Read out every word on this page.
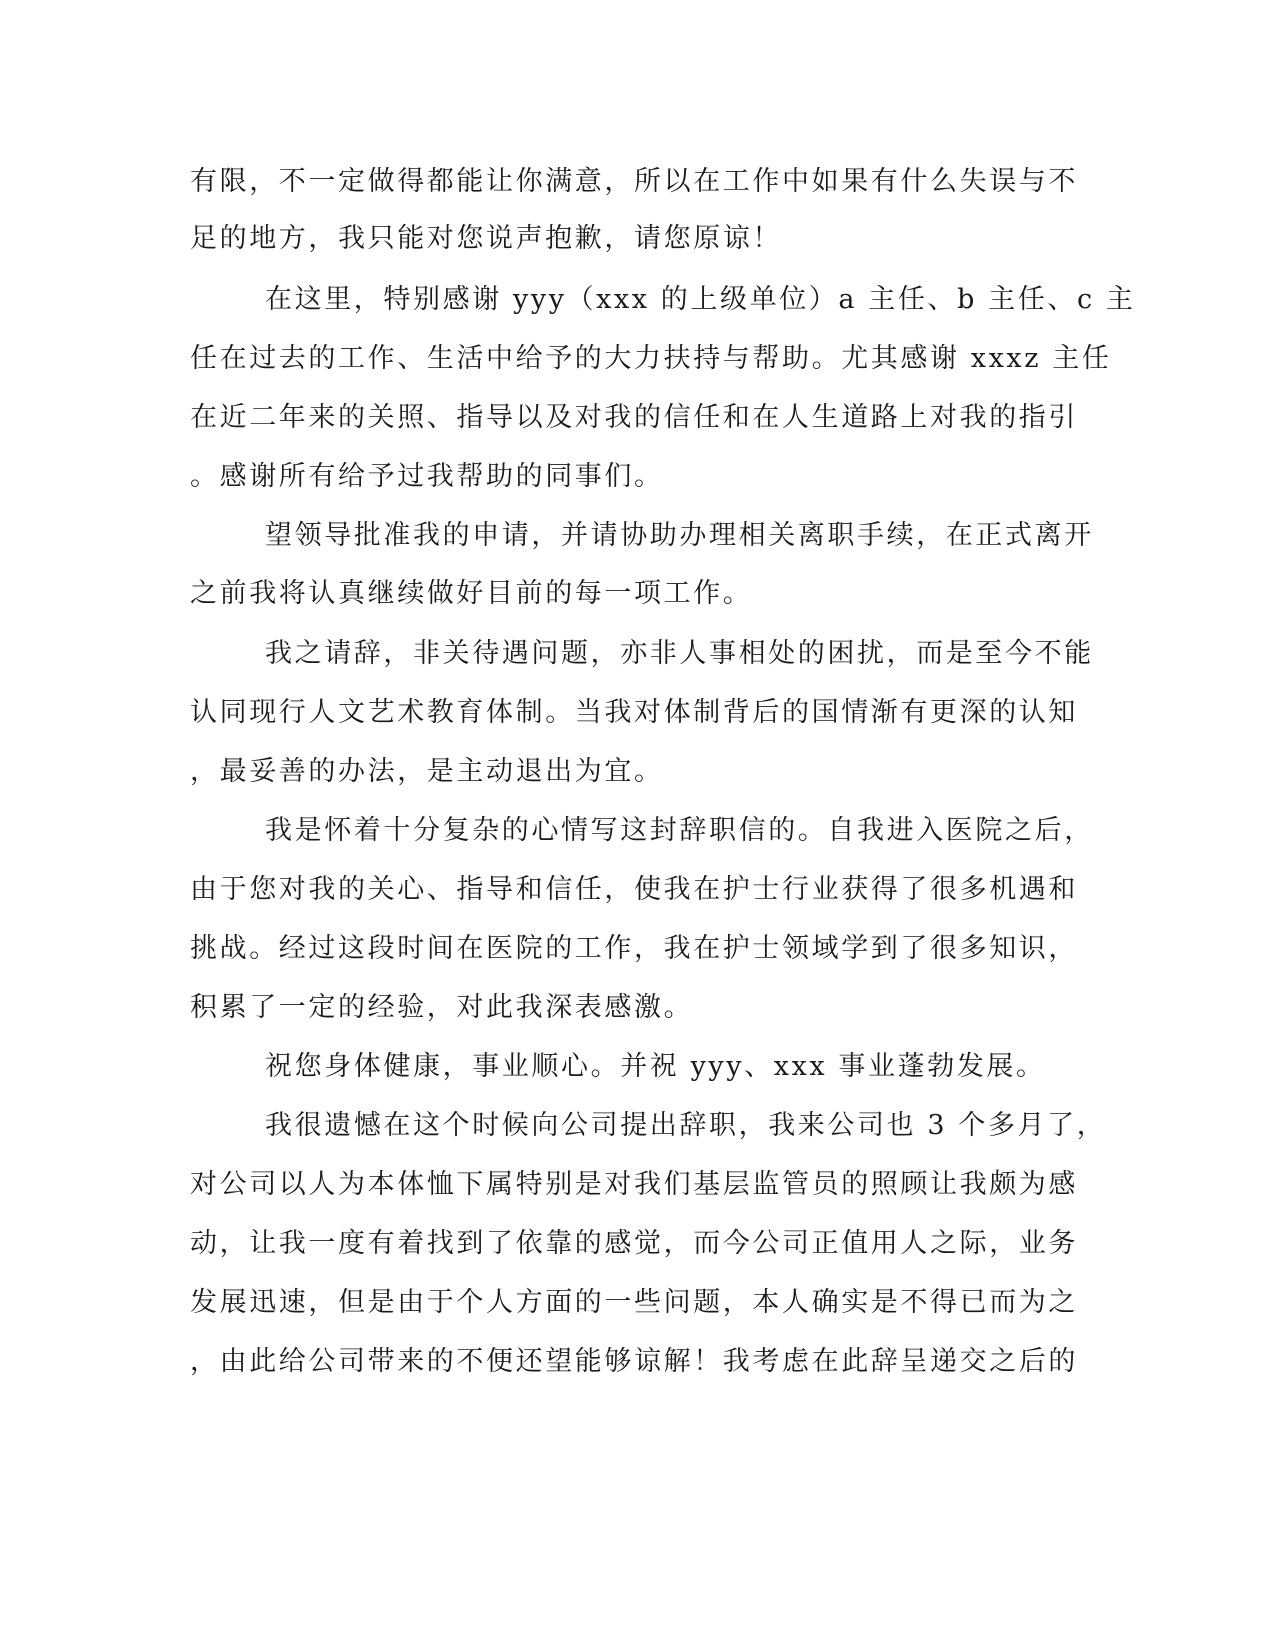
有限，不一定做得都能让你满意，所以在工作中如果有什么失误与不
足的地方，我只能对您说声抱歉，请您原谅！
在这里，特别感谢 yyy（xxx 的上级单位）a 主任、b 主任、c 主
任在过去的工作、生活中给予的大力扶持与帮助。尤其感谢 xxxz 主任
在近二年来的关照、指导以及对我的信任和在人生道路上对我的指引
。感谢所有给予过我帮助的同事们。
望领导批准我的申请，并请协助办理相关离职手续，在正式离开
之前我将认真继续做好目前的每一项工作。
我之请辞，非关待遇问题，亦非人事相处的困扰，而是至今不能
认同现行人文艺术教育体制。当我对体制背后的国情渐有更深的认知
，最妥善的办法，是主动退出为宜。
我是怀着十分复杂的心情写这封辞职信的。自我进入医院之后，
由于您对我的关心、指导和信任，使我在护士行业获得了很多机遇和
挑战。经过这段时间在医院的工作，我在护士领域学到了很多知识，
积累了一定的经验，对此我深表感激。
祝您身体健康，事业顺心。并祝 yyy、xxx 事业蓬勃发展。
我很遗憾在这个时候向公司提出辞职，我来公司也 3 个多月了，
对公司以人为本体恤下属特别是对我们基层监管员的照顾让我颇为感
动，让我一度有着找到了依靠的感觉，而今公司正值用人之际，业务
发展迅速，但是由于个人方面的一些问题，本人确实是不得已而为之
，由此给公司带来的不便还望能够谅解！我考虑在此辞呈递交之后的
